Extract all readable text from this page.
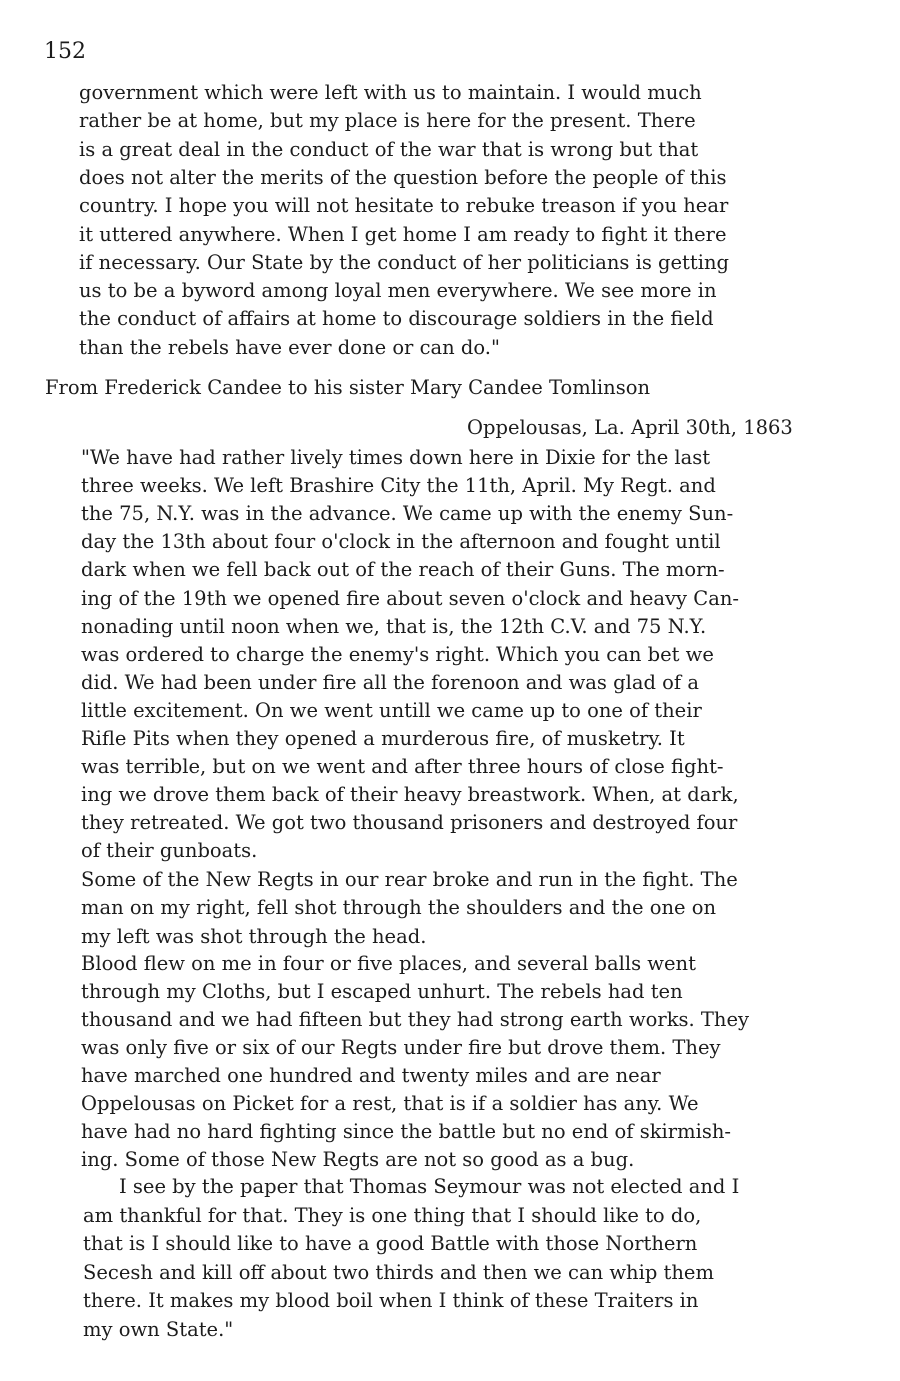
152
government which were left with us to maintain. I would much
rather be at home, but my place is here for the present. There
is a great deal in the conduct of the war that is wrong but that
does not alter the merits of the question before the people of this
country. I hope you will not hesitate to rebuke treason if you hear
it uttered anywhere. When I get home I am ready to fight it there
if necessary. Our State by the conduct of her politicians is getting
us to be a byword among loyal men everywhere. We see more in
the conduct of affairs at home to discourage soldiers in the field
than the rebels have ever done or can do."
From Frederick Candee to his sister Mary Candee Tomlinson
Oppelousas, La. April 30th, 1863
"We have had rather lively times down here in Dixie for the last
three weeks. We left Brashire City the 11th, April. My Regt. and
the 75, N.Y. was in the advance. We came up with the enemy Sun-
day the 13th about four o'clock in the afternoon and fought until
dark when we fell back out of the reach of their Guns. The morn-
ing of the 19th we opened fire about seven o'clock and heavy Can-
nonading until noon when we, that is, the 12th C.V. and 75 N.Y.
was ordered to charge the enemy's right. Which you can bet we
did. We had been under fire all the forenoon and was glad of a
little excitement. On we went untill we came up to one of their
Rifle Pits when they opened a murderous fire, of musketry. It
was terrible, but on we went and after three hours of close fight-
ing we drove them back of their heavy breastwork. When, at dark,
they retreated. We got two thousand prisoners and destroyed four
of their gunboats.
Some of the New Regts in our rear broke and run in the fight. The
man on my right, fell shot through the shoulders and the one on
my left was shot through the head.
Blood flew on me in four or five places, and several balls went
through my Cloths, but I escaped unhurt. The rebels had ten
thousand and we had fifteen but they had strong earth works. They
was only five or six of our Regts under fire but drove them. They
have marched one hundred and twenty miles and are near
Oppelousas on Picket for a rest, that is if a soldier has any. We
have had no hard fighting since the battle but no end of skirmish-
ing. Some of those New Regts are not so good as a bug.
I see by the paper that Thomas Seymour was not elected and I
am thankful for that. They is one thing that I should like to do,
that is I should like to have a good Battle with those Northern
Secesh and kill off about two thirds and then we can whip them
there. It makes my blood boil when I think of these Traiters in
my own State."
